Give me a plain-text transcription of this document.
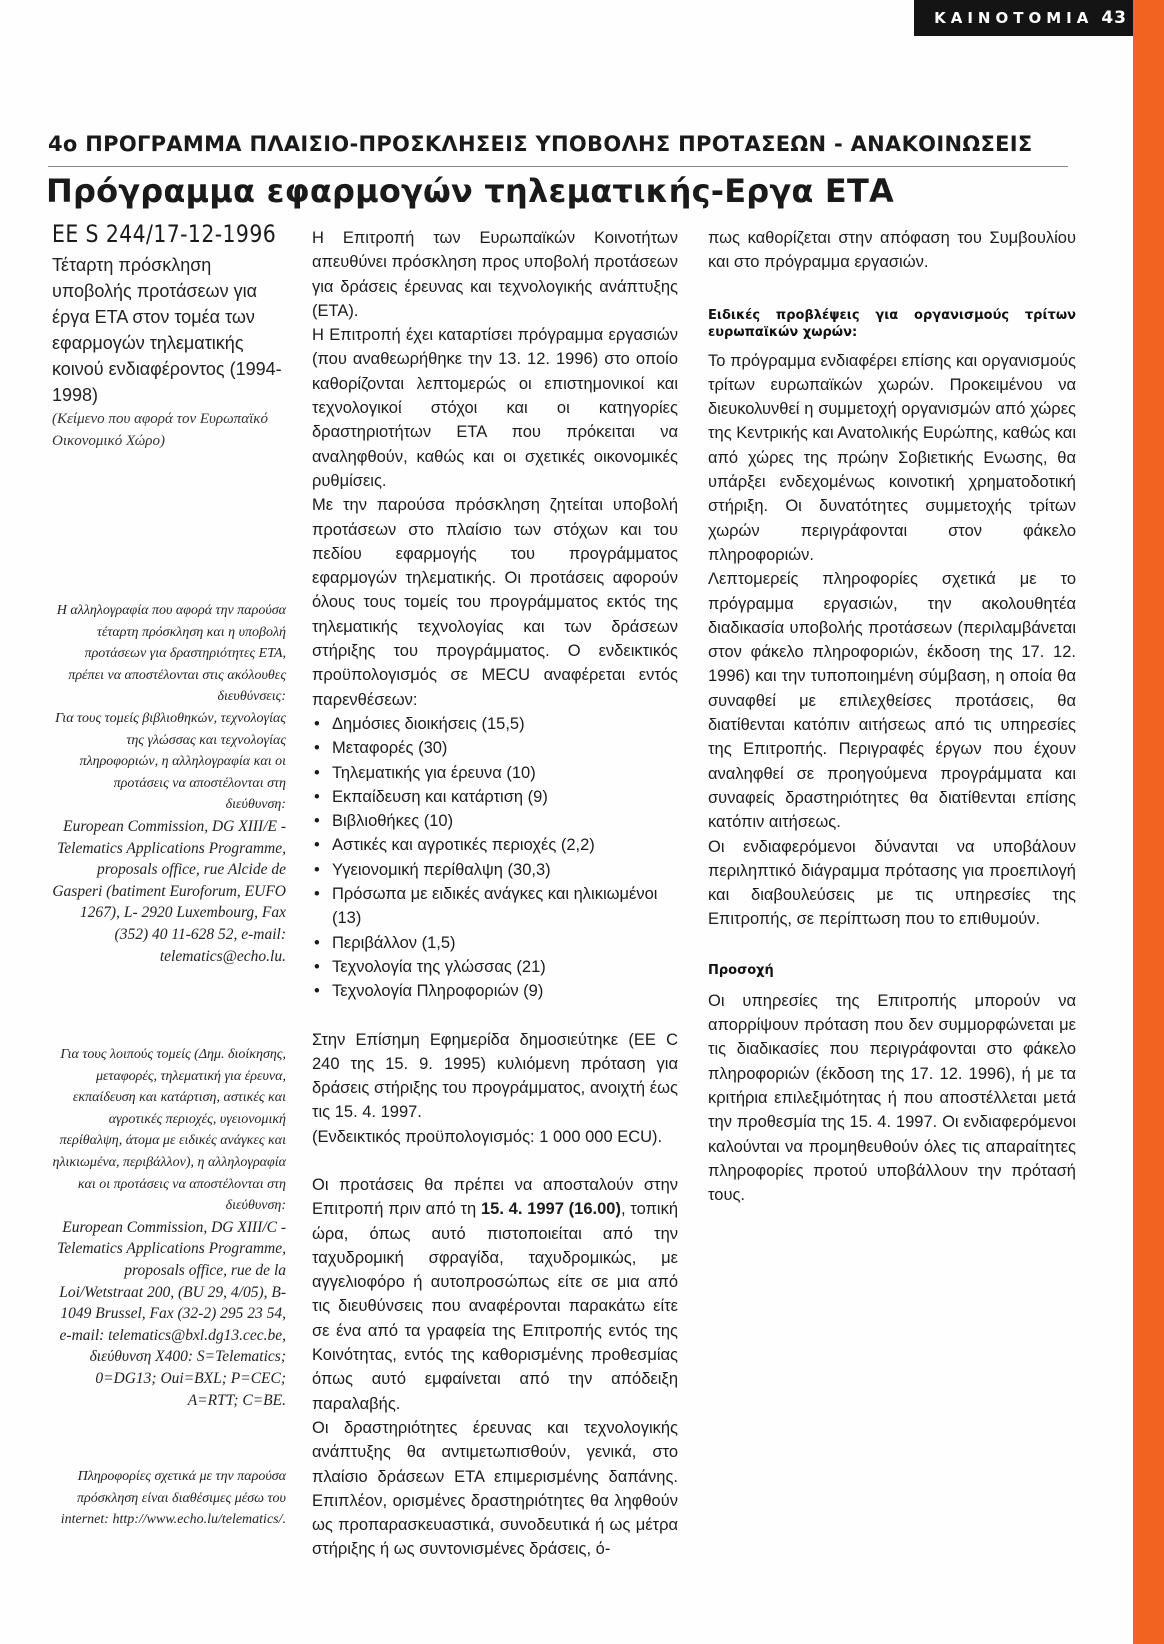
ΚΑΙΝΟΤΟΜΙΑ 43
4ο ΠΡΟΓΡΑΜΜΑ ΠΛΑΙΣΙΟ-ΠΡΟΣΚΛΗΣΕΙΣ ΥΠΟΒΟΛΗΣ ΠΡΟΤΑΣΕΩΝ - ΑΝΑΚΟΙΝΩΣΕΙΣ
Πρόγραμμα εφαρμογών τηλεματικής-Εργα ΕΤΑ
ΕΕ S 244/17-12-1996
Τέταρτη πρόσκληση υποβολής προτάσεων για έργα ΕΤΑ στον τομέα των εφαρμογών τηλεματικής κοινού ενδιαφέροντος (1994-1998)
(Κείμενο που αφορά τον Ευρωπαϊκό Οικονομικό Χώρο)

Η αλληλογραφία που αφορά την παρούσα τέταρτη πρόσκληση και η υποβολή προτάσεων για δραστηριότητες ΕΤΑ, πρέπει να αποστέλονται στις ακόλουθες διευθύνσεις:

Για τους τομείς βιβλιοθηκών, τεχνολογίας της γλώσσας και τεχνολογίας πληροφοριών, η αλληλογραφία και οι προτάσεις να αποστέλονται στη διεύθυνση:

European Commission, DG XIII/E - Telematics Applications Programme, proposals office, rue Alcide de Gasperi (batiment Euroforum, EUFO 1267), L- 2920 Luxembourg, Fax (352) 40 11-628 52, e-mail: telematics@echo.lu.

Για τους λοιπούς τομείς (Δημ. διοίκησης, μεταφορές, τηλεματική για έρευνα, εκπαίδευση και κατάρτιση, αστικές και αγροτικές περιοχές, υγειονομική περίθαλψη, άτομα με ειδικές ανάγκες και ηλικιωμένα, περιβάλλον), η αλληλογραφία και οι προτάσεις να αποστέλονται στη διεύθυνση:

European Commission, DG XIII/C - Telematics Applications Programme, proposals office, rue de la Loi/Wetstraat 200, (BU 29, 4/05), B-1049 Brussel, Fax (32-2) 295 23 54, e-mail: telematics@bxl.dg13.cec.be, διεύθυνση X400: S=Telematics; 0=DG13; Oui=BXL; P=CEC; A=RTT; C=BE.

Πληροφορίες σχετικά με την παρούσα πρόσκληση είναι διαθέσιμες μέσω του internet: http://www.echo.lu/telematics/.

Η Επιτροπή των Ευρωπαϊκών Κοινοτήτων απευθύνει πρόσκληση προς υποβολή προτάσεων για δράσεις έρευνας και τεχνολογικής ανάπτυξης (ΕΤΑ).

Η Επιτροπή έχει καταρτίσει πρόγραμμα εργασιών (που αναθεωρήθηκε την 13. 12. 1996) στο οποίο καθορίζονται λεπτομερώς οι επιστημονικοί και τεχνολογικοί στόχοι και οι κατηγορίες δραστηριοτήτων ΕΤΑ που πρόκειται να αναληφθούν, καθώς και οι σχετικές οικονομικές ρυθμίσεις.

Με την παρούσα πρόσκληση ζητείται υποβολή προτάσεων στο πλαίσιο των στόχων και του πεδίου εφαρμογής του προγράμματος εφαρμογών τηλεματικής. Οι προτάσεις αφορούν όλους τους τομείς του προγράμματος εκτός της τηλεματικής τεχνολογίας και των δράσεων στήριξης του προγράμματος. Ο ενδεικτικός προϋπολογισμός σε MECU αναφέρεται εντός παρενθέσεων:

• Δημόσιες διοικήσεις (15,5)
• Μεταφορές (30)
• Τηλεματικής για έρευνα (10)
• Εκπαίδευση και κατάρτιση (9)
• Βιβλιοθήκες (10)
• Αστικές και αγροτικές περιοχές (2,2)
• Υγειονομική περίθαλψη (30,3)
• Πρόσωπα με ειδικές ανάγκες και ηλικιωμένοι (13)
• Περιβάλλον (1,5)
• Τεχνολογία της γλώσσας (21)
• Τεχνολογία Πληροφοριών (9)

Στην Επίσημη Εφημερίδα δημοσιεύτηκε (ΕΕ C 240 της 15. 9. 1995) κυλιόμενη πρόταση για δράσεις στήριξης του προγράμματος, ανοιχτή έως τις 15. 4. 1997.

(Ενδεικτικός προϋπολογισμός: 1 000 000 ECU).

Οι προτάσεις θα πρέπει να αποσταλούν στην Επιτροπή πριν από τη 15. 4. 1997 (16.00), τοπική ώρα, όπως αυτό πιστοποιείται από την ταχυδρομική σφραγίδα, ταχυδρομικώς, με αγγελιοφόρο ή αυτοπροσώπως είτε σε μια από τις διευθύνσεις που αναφέρονται παρακάτω είτε σε ένα από τα γραφεία της Επιτροπής εντός της Κοινότητας, εντός της καθορισμένης προθεσμίας όπως αυτό εμφαίνεται από την απόδειξη παραλαβής.

Οι δραστηριότητες έρευνας και τεχνολογικής ανάπτυξης θα αντιμετωπισθούν, γενικά, στο πλαίσιο δράσεων ΕΤΑ επιμερισμένης δαπάνης. Επιπλέον, ορισμένες δραστηριότητες θα ληφθούν ως προπαρασκευαστικά, συνοδευτικά ή ως μέτρα στήριξης ή ως συντονισμένες δράσεις, ό-

πως καθορίζεται στην απόφαση του Συμβουλίου και στο πρόγραμμα εργασιών.

Ειδικές προβλέψεις για οργανισμούς τρίτων ευρωπαϊκών χωρών:

Το πρόγραμμα ενδιαφέρει επίσης και οργανισμούς τρίτων ευρωπαϊκών χωρών. Προκειμένου να διευκολυνθεί η συμμετοχή οργανισμών από χώρες της Κεντρικής και Ανατολικής Ευρώπης, καθώς και από χώρες της πρώην Σοβιετικής Ενωσης, θα υπάρξει ενδεχομένως κοινοτική χρηματοδοτική στήριξη. Οι δυνατότητες συμμετοχής τρίτων χωρών περιγράφονται στον φάκελο πληροφοριών.

Λεπτομερείς πληροφορίες σχετικά με το πρόγραμμα εργασιών, την ακολουθητέα διαδικασία υποβολής προτάσεων (περιλαμβάνεται στον φάκελο πληροφοριών, έκδοση της 17. 12. 1996) και την τυποποιημένη σύμβαση, η οποία θα συναφθεί με επιλεχθείσες προτάσεις, θα διατίθενται κατόπιν αιτήσεως από τις υπηρεσίες της Επιτροπής. Περιγραφές έργων που έχουν αναληφθεί σε προηγούμενα προγράμματα και συναφείς δραστηριότητες θα διατίθενται επίσης κατόπιν αιτήσεως.

Οι ενδιαφερόμενοι δύνανται να υποβάλουν περιληπτικό διάγραμμα πρότασης για προεπιλογή και διαβουλεύσεις με τις υπηρεσίες της Επιτροπής, σε περίπτωση που το επιθυμούν.

Προσοχή

Οι υπηρεσίες της Επιτροπής μπορούν να απορρίψουν πρόταση που δεν συμμορφώνεται με τις διαδικασίες που περιγράφονται στο φάκελο πληροφοριών (έκδοση της 17. 12. 1996), ή με τα κριτήρια επιλεξιμότητας ή που αποστέλλεται μετά την προθεσμία της 15. 4. 1997. Οι ενδιαφερόμενοι καλούνται να προμηθευθούν όλες τις απαραίτητες πληροφορίες προτού υποβάλλουν την πρότασή τους.
